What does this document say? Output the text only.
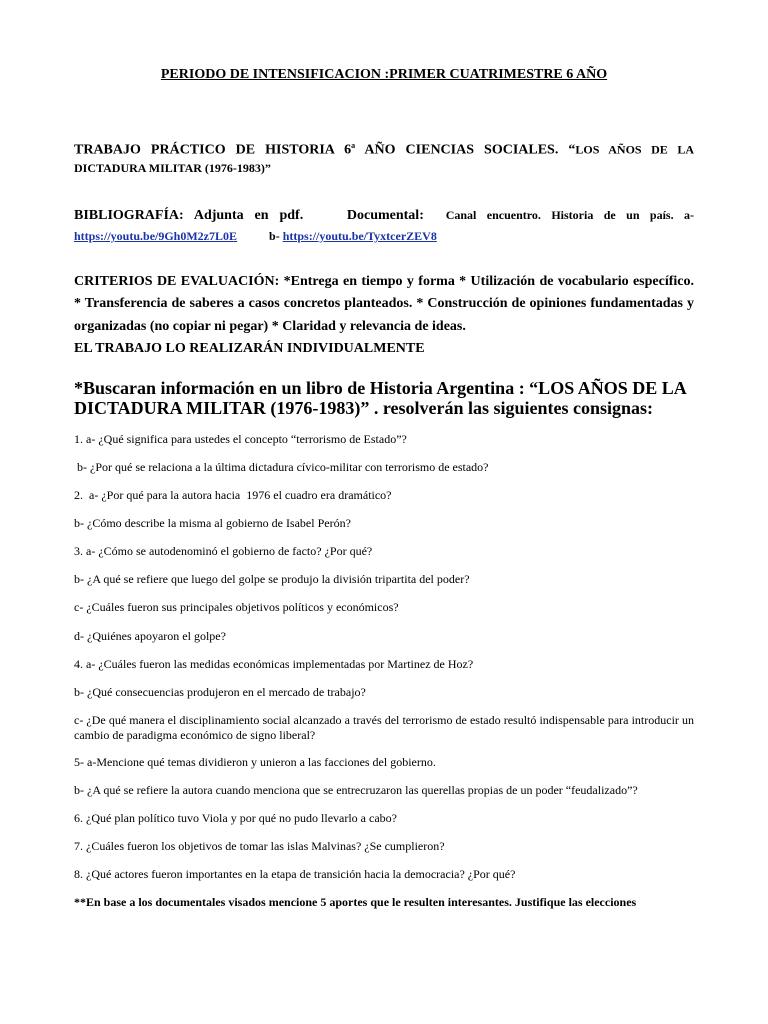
PERIODO DE INTENSIFICACION :PRIMER CUATRIMESTRE 6 AÑO

TRABAJO PRÁCTICO DE HISTORIA 6$^a$ AÑO CIENCIAS SOCIALES. “LOS AÑOS DE LA

DICTADURA MILITAR (1976-1983)”

BIBLIOGRAFÍA: Adjunta en pdf.	Documental: Canal encuentro. Historia de un país. a-

https://youtu.be/9Gh0M2z7L0E	b- https://youtu.be/TyxtcerZEV8

CRITERIOS DE EVALUACIÓN: *Entrega en tiempo y forma * Utilización de vocabulario específico.

* Transferencia de saberes a casos concretos planteados. * Construcción de opiniones fundamentadas y

organizadas (no copiar ni pegar) * Claridad y relevancia de ideas.

EL TRABAJO LO REALIZARÁN INDIVIDUALMENTE

*Buscaran información en un libro de Historia Argentina : “LOS AÑOS DE LA DICTADURA MILITAR (1976-1983)” . resolverán las siguientes consignas:

1. a- ¿Qué significa para ustedes el concepto “terrorismo de Estado”?

b- ¿Por qué se relaciona a la última dictadura cívico-militar con terrorismo de estado?

2.  a- ¿Por qué para la autora hacia  1976 el cuadro era dramático?

b- ¿Cómo describe la misma al gobierno de Isabel Perón?

3. a- ¿Cómo se autodenominó el gobierno de facto? ¿Por qué?

b- ¿A qué se refiere que luego del golpe se produjo la división tripartita del poder?

c- ¿Cuáles fueron sus principales objetivos políticos y económicos?

d- ¿Quiénes apoyaron el golpe?

4. a- ¿Cuáles fueron las medidas económicas implementadas por Martinez de Hoz?

b- ¿Qué consecuencias produjeron en el mercado de trabajo?

c- ¿De qué manera el disciplinamiento social alcanzado a través del terrorismo de estado resultó indispensable para introducir un cambio de paradigma económico de signo liberal?

5- a-Mencione qué temas dividieron y unieron a las facciones del gobierno.

b- ¿A qué se refiere la autora cuando menciona que se entrecruzaron las querellas propias de un poder “feudalizado”?

6. ¿Qué plan político tuvo Viola y por qué no pudo llevarlo a cabo?

7. ¿Cuáles fueron los objetivos de tomar las islas Malvinas? ¿Se cumplieron?

8. ¿Qué actores fueron importantes en la etapa de transición hacia la democracia? ¿Por qué?

**En base a los documentales visados mencione 5 aportes que le resulten interesantes. Justifique las elecciones
